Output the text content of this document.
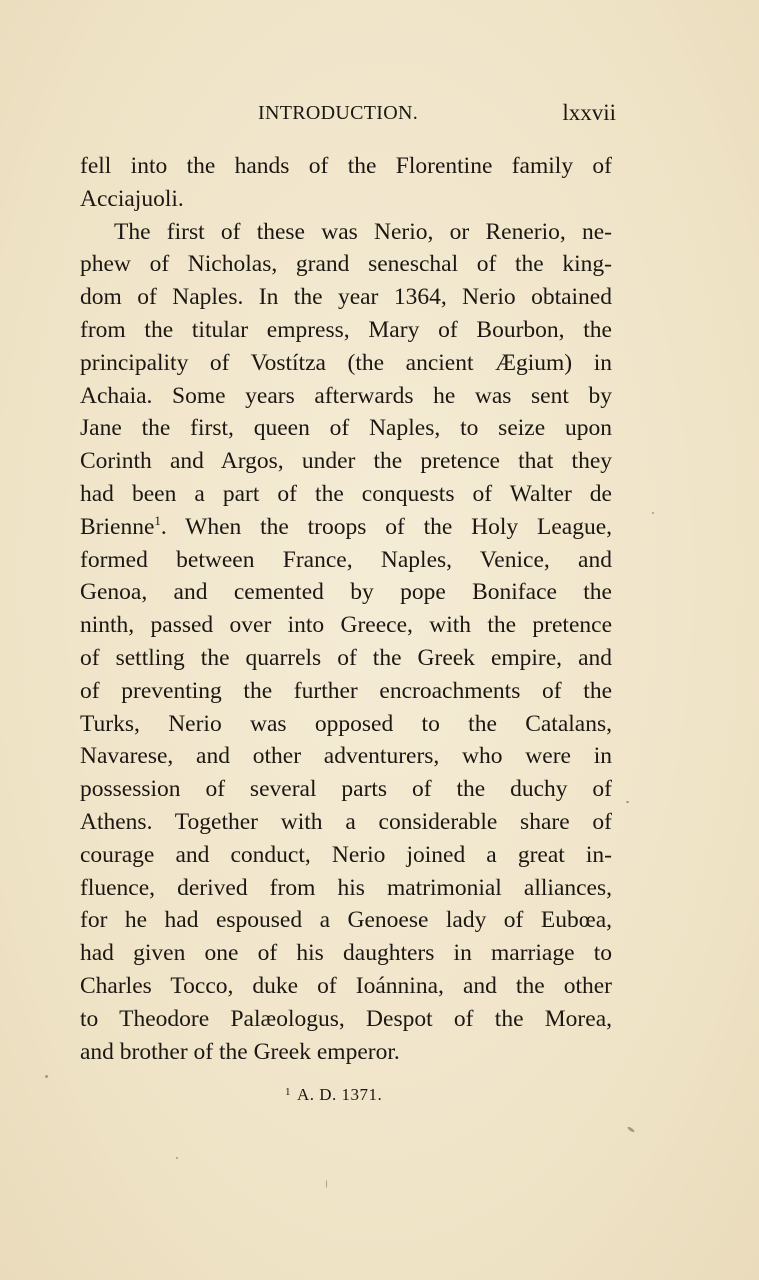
INTRODUCTION.	lxxvii
fell into the hands of the Florentine family of
Acciajuoli.
The first of these was Nerio, or Renerio, ne-
phew of Nicholas, grand seneschal of the king-
dom of Naples. In the year 1364, Nerio obtained
from the titular empress, Mary of Bourbon, the
principality of Vostítza (the ancient Ægium) in
Achaia. Some years afterwards he was sent by
Jane the first, queen of Naples, to seize upon
Corinth and Argos, under the pretence that they
had been a part of the conquests of Walter de
Brienne$^1$. When the troops of the Holy League,
formed between France, Naples, Venice, and
Genoa, and cemented by pope Boniface the
ninth, passed over into Greece, with the pretence
of settling the quarrels of the Greek empire, and
of preventing the further encroachments of the
Turks, Nerio was opposed to the Catalans,
Navarese, and other adventurers, who were in
possession of several parts of the duchy of
Athens. Together with a considerable share of
courage and conduct, Nerio joined a great in-
fluence, derived from his matrimonial alliances,
for he had espoused a Genoese lady of Eubœa,
had given one of his daughters in marriage to
Charles Tocco, duke of Ioánnina, and the other
to Theodore Palæologus, Despot of the Morea,
and brother of the Greek emperor.
$^1$ A. D. 1371.
